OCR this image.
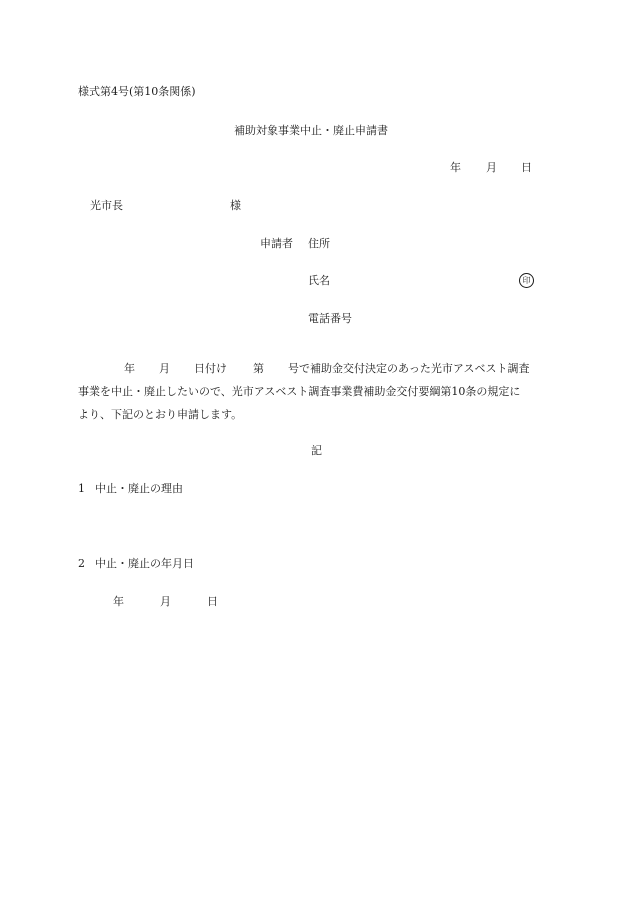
様式第4号(第10条関係)
補助対象事業中止・廃止申請書
年 月 日
光市長	様
申請者 住所
氏名	印
電話番号

年 月 日付け 第 号で補助金交付決定のあった光市アスベスト調査

事業を中止・廃止したいので、光市アスベスト調査事業費補助金交付要綱第10条の規定に

より、下記のとおり申請します。

記
1 中止・廃止の理由
2 中止・廃止の年月日
年	月	日
